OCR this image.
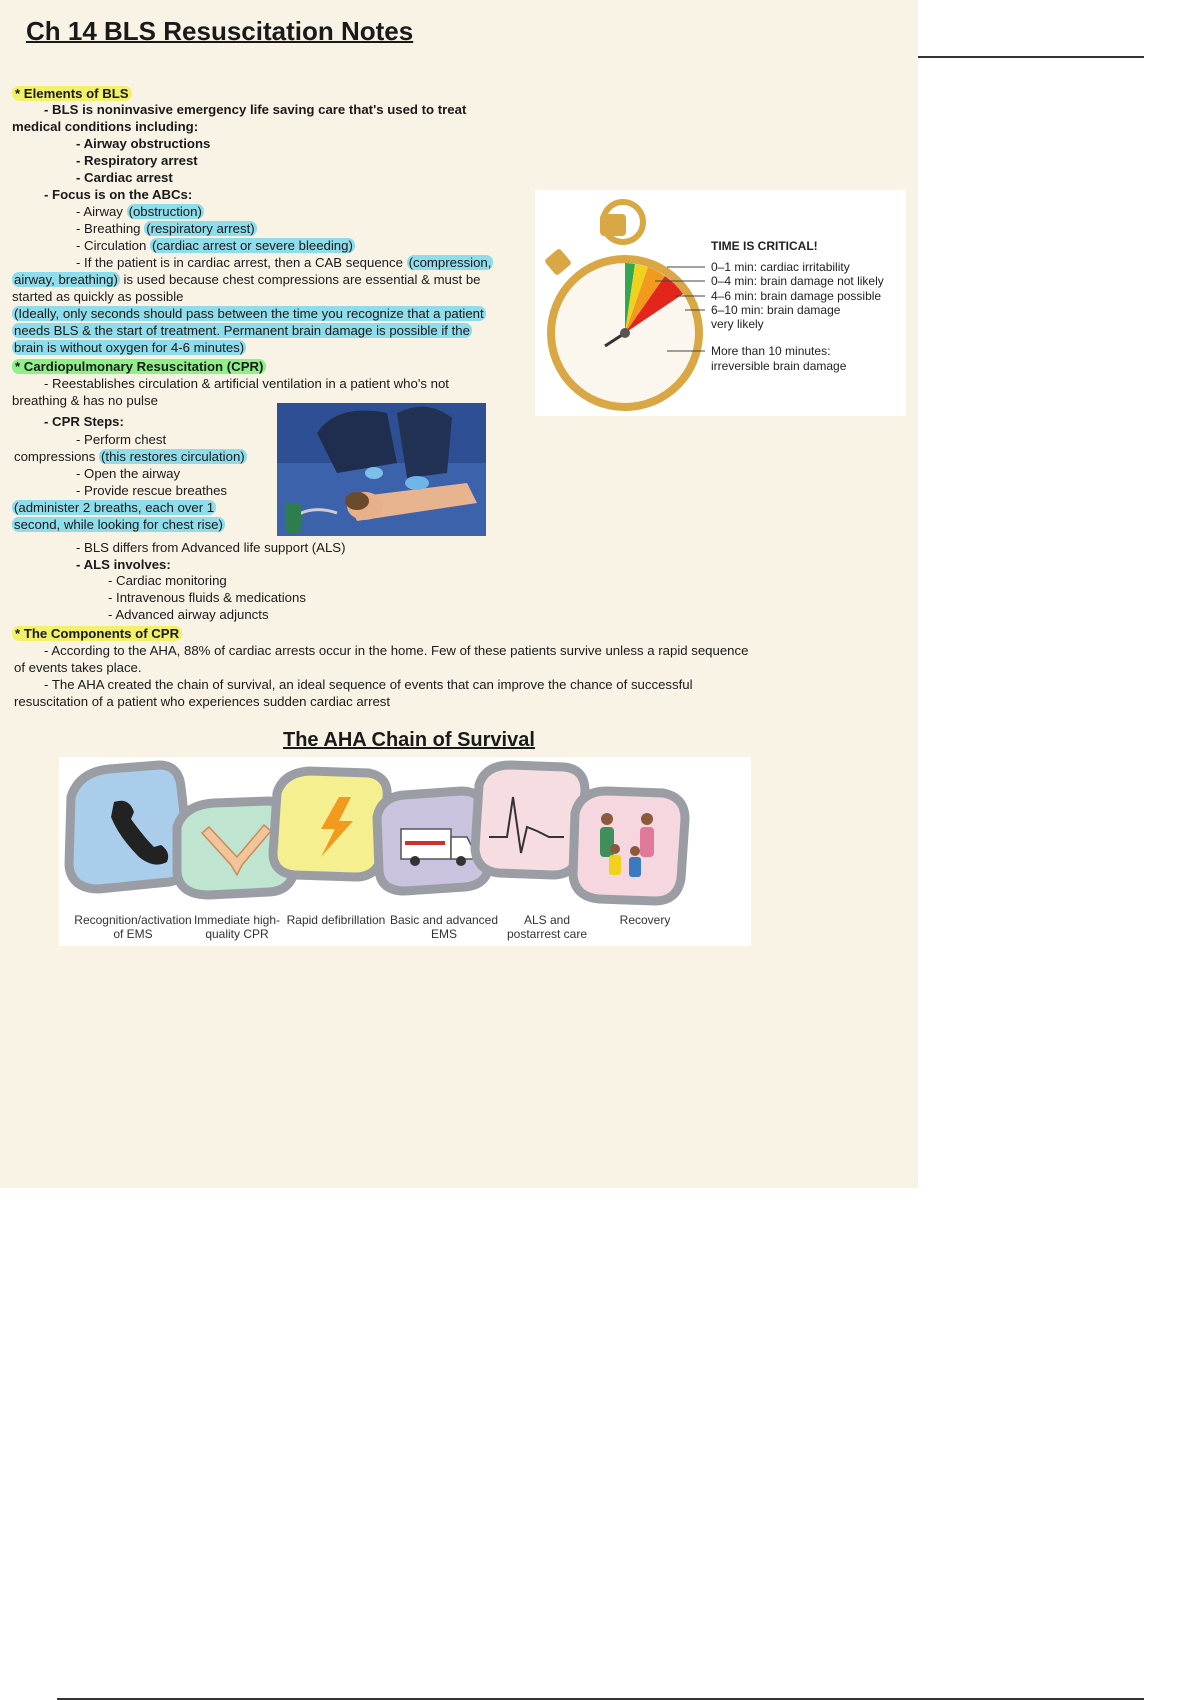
Ch 14 BLS Resuscitation Notes
* Elements of BLS
- BLS is noninvasive emergency life saving care that's used to treat
medical conditions including:
- Airway obstructions
- Respiratory arrest
- Cardiac arrest
- Focus is on the ABCs:
- Airway (obstruction)
- Breathing (respiratory arrest)
- Circulation (cardiac arrest or severe bleeding)
- If the patient is in cardiac arrest, then a CAB sequence (compression,
airway, breathing) is used because chest compressions are essential & must be
started as quickly as possible
(Ideally, only seconds should pass between the time you recognize that a patient
needs BLS & the start of treatment. Permanent brain damage is possible if the
brain is without oxygen for 4-6 minutes)
* Cardiopulmonary Resuscitation (CPR)
- Reestablishes circulation & artificial ventilation in a patient who's not
breathing & has no pulse
- CPR Steps:
- Perform chest
compressions (this restores circulation)
- Open the airway
- Provide rescue breathes
(administer 2 breaths, each over 1
second, while looking for chest rise)
- BLS differs from Advanced life support (ALS)
- ALS involves:
- Cardiac monitoring
- Intravenous fluids & medications
- Advanced airway adjuncts
* The Components of CPR
- According to the AHA, 88% of cardiac arrests occur in the home. Few of these patients survive unless a rapid sequence
of events takes place.
- The AHA created the chain of survival, an ideal sequence of events that can improve the chance of successful
resuscitation of a patient who experiences sudden cardiac arrest
TIME IS CRITICAL!
0–1 min: cardiac irritability
0–4 min: brain damage not likely
4–6 min: brain damage possible
6–10 min: brain damage
very likely
More than 10 minutes:
irreversible brain damage
The AHA Chain of Survival
Recognition/activation
of EMS
Immediate high-
quality CPR
Rapid defibrillation Basic and advanced
EMS
ALS and
postarrest care
Recovery
